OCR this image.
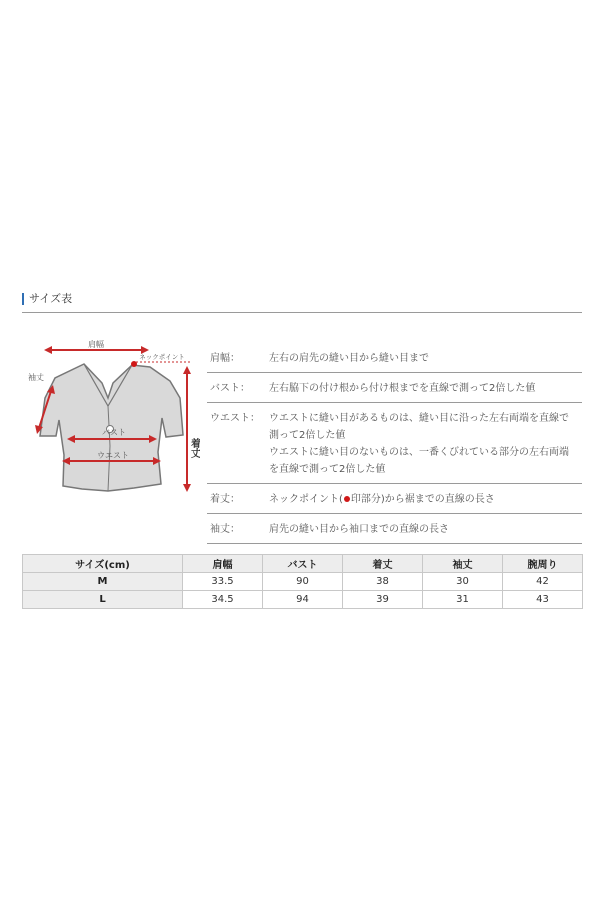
サイズ表
肩幅
ネックポイント
袖丈
バスト
ウエスト	着丈
肩幅：	左右の肩先の縫い目から縫い目まで
バスト：	左右脇下の付け根から付け根までを直線で測って2倍した値
ウエスト： ウエストに縫い目があるものは、縫い目に沿った左右両端を直線で
測って2倍した値
ウエストに縫い目のないものは、一番くびれている部分の左右両端
を直線で測って2倍した値
着丈：	ネックポイント( 印部分)から裾までの直線の長さ
袖丈：	肩先の縫い目から袖口までの直線の長さ
サイズ(cm)	肩幅	バスト	着丈	袖丈	腕周り
M	33.5	90	38	30	42
L	34.5	94	39	31	43
